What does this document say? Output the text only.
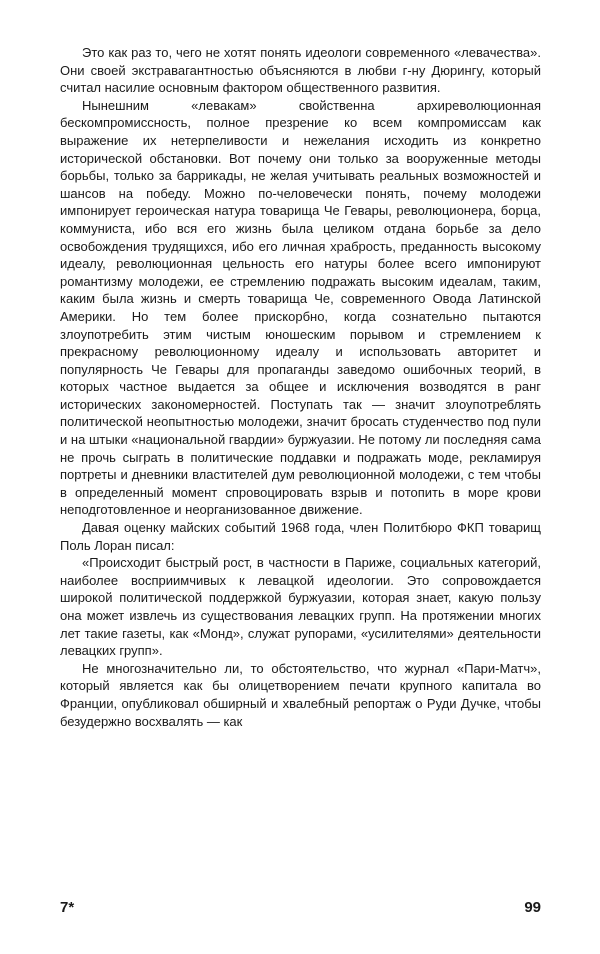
Это как раз то, чего не хотят понять идеологи современного «левачества». Они своей экстравагантностью объясняются в любви г-ну Дюрингу, который считал насилие основным фактором общественного развития.

Нынешним «левакам» свойственна архиреволюционная бескомпромиссность, полное презрение ко всем компромиссам как выражение их нетерпеливости и нежелания исходить из конкретно исторической обстановки. Вот почему они только за вооруженные методы борьбы, только за баррикады, не желая учитывать реальных возможностей и шансов на победу. Можно по-человечески понять, почему молодежи импонирует героическая натура товарища Че Гевары, революционера, борца, коммуниста, ибо вся его жизнь была целиком отдана борьбе за дело освобождения трудящихся, ибо его личная храбрость, преданность высокому идеалу, революционная цельность его натуры более всего импонируют романтизму молодежи, ее стремлению подражать высоким идеалам, таким, каким была жизнь и смерть товарища Че, современного Овода Латинской Америки. Но тем более прискорбно, когда сознательно пытаются злоупотребить этим чистым юношеским порывом и стремлением к прекрасному революционному идеалу и использовать авторитет и популярность Че Гевары для пропаганды заведомо ошибочных теорий, в которых частное выдается за общее и исключения возводятся в ранг исторических закономерностей. Поступать так — значит злоупотреблять политической неопытностью молодежи, значит бросать студенчество под пули и на штыки «национальной гвардии» буржуазии. Не потому ли последняя сама не прочь сыграть в политические поддавки и подражать моде, рекламируя портреты и дневники властителей дум революционной молодежи, с тем чтобы в определенный момент спровоцировать взрыв и потопить в море крови неподготовленное и неорганизованное движение.

Давая оценку майских событий 1968 года, член Политбюро ФКП товарищ Поль Лоран писал:

«Происходит быстрый рост, в частности в Париже, социальных категорий, наиболее восприимчивых к левацкой идеологии. Это сопровождается широкой политической поддержкой буржуазии, которая знает, какую пользу она может извлечь из существования левацких групп. На протяжении многих лет такие газеты, как «Монд», служат рупорами, «усилителями» деятельности левацких групп».

Не многозначительно ли, то обстоятельство, что журнал «Пари-Матч», который является как бы олицетворением печати крупного капитала во Франции, опубликовал обширный и хвалебный репортаж о Руди Дучке, чтобы безудержно восхвалять — как

7*	99
